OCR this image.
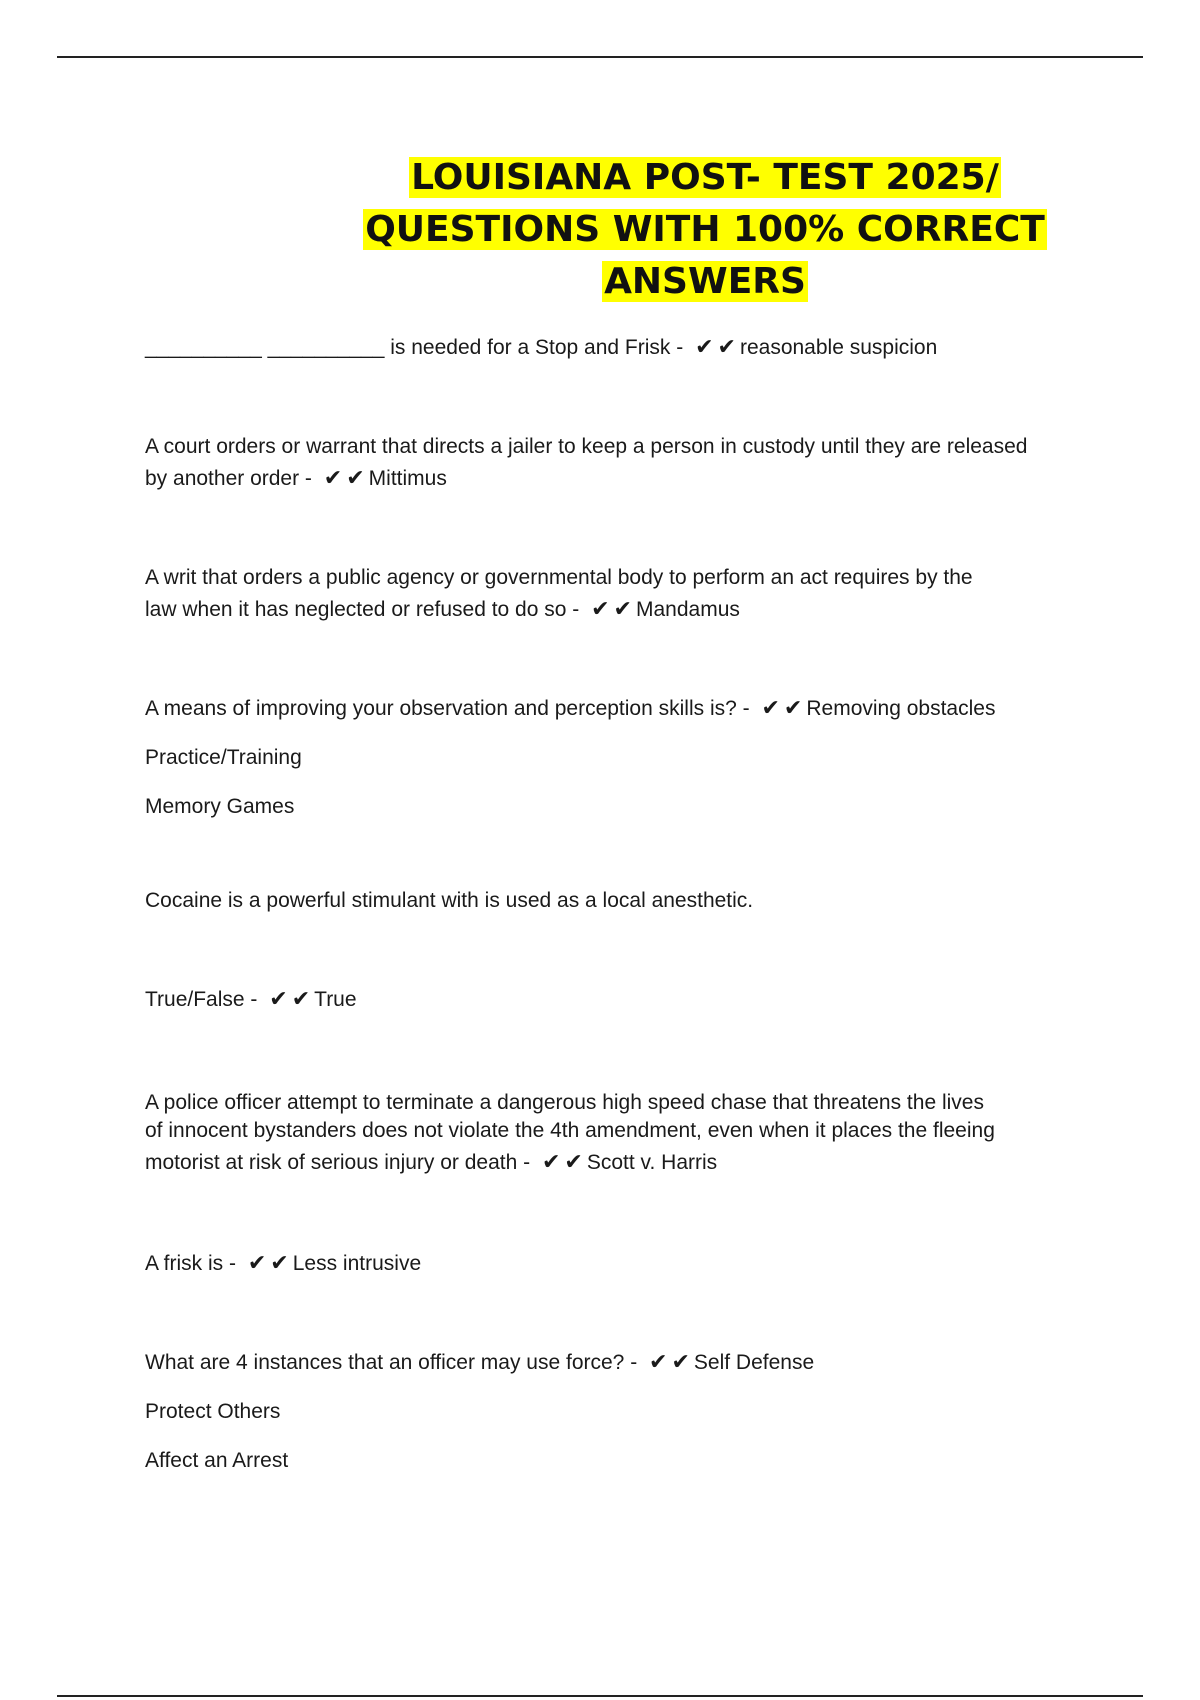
LOUISIANA POST- TEST 2025/
QUESTIONS WITH 100% CORRECT
ANSWERS
__________ __________ is needed for a Stop and Frisk - ✔ ✔ reasonable suspicion
A court orders or warrant that directs a jailer to keep a person in custody until they are released
by another order - ✔ ✔ Mittimus
A writ that orders a public agency or governmental body to perform an act requires by the
law when it has neglected or refused to do so - ✔ ✔ Mandamus
A means of improving your observation and perception skills is? - ✔ ✔ Removing obstacles
Practice/Training
Memory Games
Cocaine is a powerful stimulant with is used as a local anesthetic.
True/False - ✔ ✔ True
A police officer attempt to terminate a dangerous high speed chase that threatens the lives
of innocent bystanders does not violate the 4th amendment, even when it places the fleeing
motorist at risk of serious injury or death - ✔ ✔ Scott v. Harris
A frisk is - ✔ ✔ Less intrusive
What are 4 instances that an officer may use force? - ✔ ✔ Self Defense
Protect Others
Affect an Arrest
